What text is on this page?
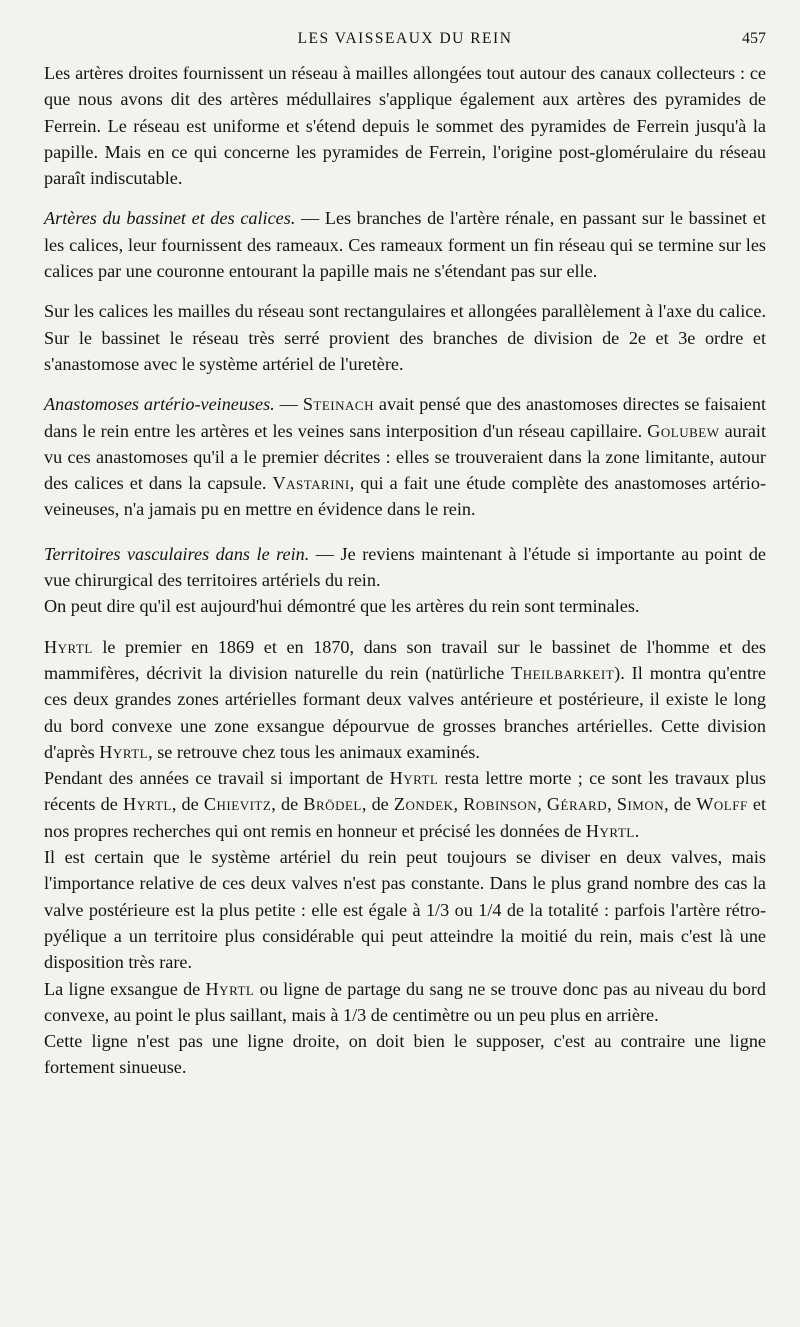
LES VAISSEAUX DU REIN	457

Les artères droites fournissent un réseau à mailles allongées tout autour des canaux collecteurs : ce que nous avons dit des artères médullaires s'applique également aux artères des pyramides de Ferrein. Le réseau est uniforme et s'étend depuis le sommet des pyramides de Ferrein jusqu'à la papille. Mais en ce qui concerne les pyramides de Ferrein, l'origine post-glomérulaire du réseau paraît indiscutable.

Artères du bassinet et des calices. — Les branches de l'artère rénale, en passant sur le bassinet et les calices, leur fournissent des rameaux. Ces rameaux forment un fin réseau qui se termine sur les calices par une couronne entourant la papille mais ne s'étendant pas sur elle.

Sur les calices les mailles du réseau sont rectangulaires et allongées parallèlement à l'axe du calice. Sur le bassinet le réseau très serré provient des branches de division de 2e et 3e ordre et s'anastomose avec le système artériel de l'uretère.

Anastomoses artério-veineuses. — Steinach avait pensé que des anastomoses directes se faisaient dans le rein entre les artères et les veines sans interposition d'un réseau capillaire. Golubew aurait vu ces anastomoses qu'il a le premier décrites : elles se trouveraient dans la zone limitante, autour des calices et dans la capsule. Vastarini, qui a fait une étude complète des anastomoses artério-veineuses, n'a jamais pu en mettre en évidence dans le rein.

Territoires vasculaires dans le rein. — Je reviens maintenant à l'étude si importante au point de vue chirurgical des territoires artériels du rein.

On peut dire qu'il est aujourd'hui démontré que les artères du rein sont terminales.

Hyrtl le premier en 1869 et en 1870, dans son travail sur le bassinet de l'homme et des mammifères, décrivit la division naturelle du rein (natürliche Theilbarkeit). Il montra qu'entre ces deux grandes zones artérielles formant deux valves antérieure et postérieure, il existe le long du bord convexe une zone exsangue dépourvue de grosses branches artérielles. Cette division d'après Hyrtl, se retrouve chez tous les animaux examinés.

Pendant des années ce travail si important de Hyrtl resta lettre morte ; ce sont les travaux plus récents de Hyrtl, de Chievitz, de Brödel, de Zondek, Robinson, Gérard, Simon, de Wolff et nos propres recherches qui ont remis en honneur et précisé les données de Hyrtl.

Il est certain que le système artériel du rein peut toujours se diviser en deux valves, mais l'importance relative de ces deux valves n'est pas constante. Dans le plus grand nombre des cas la valve postérieure est la plus petite : elle est égale à 1/3 ou 1/4 de la totalité : parfois l'artère rétro-pyélique a un territoire plus considérable qui peut atteindre la moitié du rein, mais c'est là une disposition très rare.

La ligne exsangue de Hyrtl ou ligne de partage du sang ne se trouve donc pas au niveau du bord convexe, au point le plus saillant, mais à 1/3 de centimètre ou un peu plus en arrière.

Cette ligne n'est pas une ligne droite, on doit bien le supposer, c'est au contraire une ligne fortement sinueuse.
